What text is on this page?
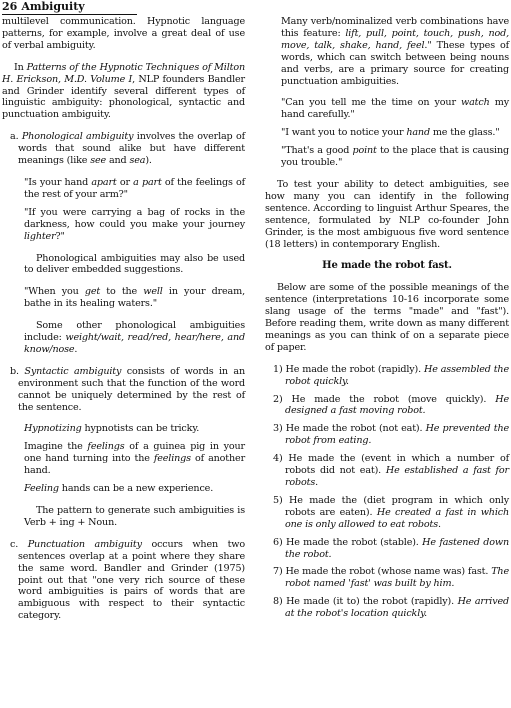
26 Ambiguity

multilevel communication. Hypnotic language patterns, for example, involve a great deal of use of verbal ambiguity.

In Patterns of the Hypnotic Techniques of Milton H. Erickson, M.D. Volume I, NLP founders Bandler and Grinder identify several different types of linguistic ambiguity: phonological, syntactic and punctuation ambiguity.

a. Phonological ambiguity involves the overlap of words that sound alike but have different meanings (like see and sea).

"Is your hand apart or a part of the feelings of the rest of your arm?"

"If you were carrying a bag of rocks in the darkness, how could you make your journey lighter?"

Phonological ambiguities may also be used to deliver embedded suggestions.

"When you get to the well in your dream, bathe in its healing waters."

Some other phonological ambiguities include: weight/wait, read/red, hear/here, and know/nose.

b. Syntactic ambiguity consists of words in an environment such that the function of the word cannot be uniquely determined by the rest of the sentence.

Hypnotizing hypnotists can be tricky.

Imagine the feelings of a guinea pig in your one hand turning into the feelings of another hand.

Feeling hands can be a new experience.

The pattern to generate such ambiguities is Verb + ing + Noun.

c. Punctuation ambiguity occurs when two sentences overlap at a point where they share the same word. Bandler and Grinder (1975) point out that "one very rich source of these word ambiguities is pairs of words that are ambiguous with respect to their syntactic category.

Many verb/nominalized verb combinations have this feature: lift, pull, point, touch, push, nod, move, talk, shake, hand, feel." These types of words, which can switch between being nouns and verbs, are a primary source for creating punctuation ambiguities.

"Can you tell me the time on your watch my hand carefully."

"I want you to notice your hand me the glass."

"That's a good point to the place that is causing you trouble."

To test your ability to detect ambiguities, see how many you can identify in the following sentence. According to linguist Arthur Speares, the sentence, formulated by NLP co-founder John Grinder, is the most ambiguous five word sentence (18 letters) in contemporary English.

He made the robot fast.

Below are some of the possible meanings of the sentence (interpretations 10-16 incorporate some slang usage of the terms "made" and "fast"). Before reading them, write down as many different meanings as you can think of on a separate piece of paper.

1) He made the robot (rapidly). He assembled the robot quickly.

2) He made the robot (move quickly). He designed a fast moving robot.

3) He made the robot (not eat). He prevented the robot from eating.

4) He made the (event in which a number of robots did not eat). He established a fast for robots.

5) He made the (diet program in which only robots are eaten). He created a fast in which one is only allowed to eat robots.

6) He made the robot (stable). He fastened down the robot.

7) He made the robot (whose name was) fast. The robot named 'fast' was built by him.

8) He made (it to) the robot (rapidly). He arrived at the robot's location quickly.
